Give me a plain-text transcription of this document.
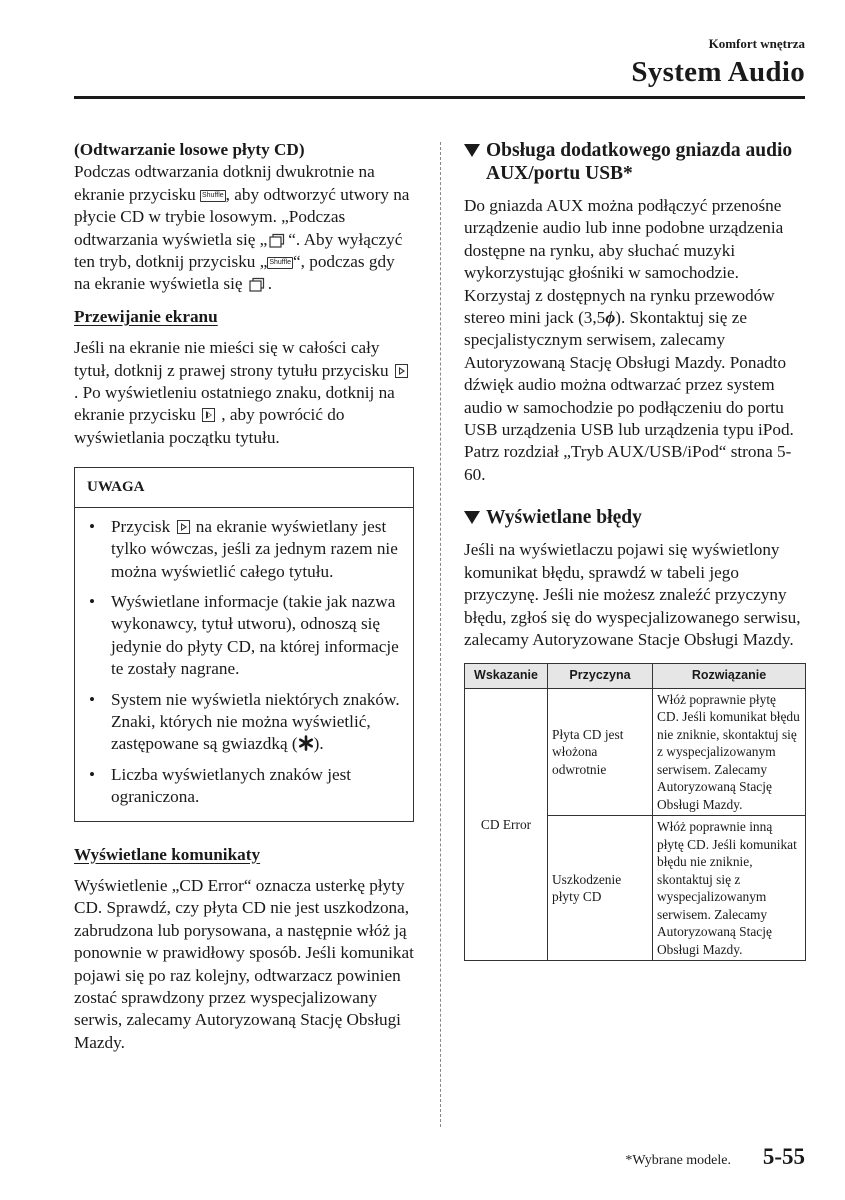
Komfort wnętrza
System Audio

(Odtwarzanie losowe płyty CD)

Podczas odtwarzania dotknij dwukrotnie na ekranie przycisku Shuffle , aby odtworzyć utwory na płycie CD w trybie losowym. „Podczas odtwarzania wyświetla się „ “. Aby wyłączyć ten tryb, dotknij przycisku „ Shuffle “, podczas gdy na ekranie wyświetla się .

Przewijanie ekranu

Jeśli na ekranie nie mieści się w całości cały tytuł, dotknij z prawej strony tytułu przycisku . Po wyświetleniu ostatniego znaku, dotknij na ekranie przycisku  , aby powrócić do wyświetlania początku tytułu.

UWAGA
• Przycisk  na ekranie wyświetlany jest tylko wówczas, jeśli za jednym razem nie można wyświetlić całego tytułu.
• Wyświetlane informacje (takie jak nazwa wykonawcy, tytuł utworu), odnoszą się jedynie do płyty CD, na której informacje te zostały nagrane.
• System nie wyświetla niektórych znaków. Znaki, których nie można wyświetlić, zastępowane są gwiazdką ( ).
• Liczba wyświetlanych znaków jest ograniczona.

Wyświetlane komunikaty

Wyświetlenie „CD Error“ oznacza usterkę płyty CD. Sprawdź, czy płyta CD nie jest uszkodzona, zabrudzona lub porysowana, a następnie włóż ją ponownie w prawidłowy sposób. Jeśli komunikat pojawi się po raz kolejny, odtwarzacz powinien zostać sprawdzony przez wyspecjalizowany serwis, zalecamy Autoryzowaną Stację Obsługi Mazdy.

Obsługa dodatkowego gniazda audio AUX/portu USB*

Do gniazda AUX można podłączyć przenośne urządzenie audio lub inne podobne urządzenia dostępne na rynku, aby słuchać muzyki wykorzystując głośniki w samochodzie.

Korzystaj z dostępnych na rynku przewodów stereo mini jack (3,5ϕ). Skontaktuj się ze specjalistycznym serwisem, zalecamy Autoryzowaną Stację Obsługi Mazdy. Ponadto dźwięk audio można odtwarzać przez system audio w samochodzie po podłączeniu do portu USB urządzenia USB lub urządzenia typu iPod.

Patrz rozdział „Tryb AUX/USB/iPod“ strona 5-60.

Wyświetlane błędy

Jeśli na wyświetlaczu pojawi się wyświetlony komunikat błędu, sprawdź w tabeli jego przyczynę. Jeśli nie możesz znaleźć przyczyny błędu, zgłoś się do wyspecjalizowanego serwisu, zalecamy Autoryzowane Stacje Obsługi Mazdy.

Wskazanie	Przyczyna	Rozwiązanie
CD Error	Płyta CD jest włożona odwrotnie	Włóż poprawnie płytę CD. Jeśli komunikat błędu nie zniknie, skontaktuj się z wyspecjalizowanym serwisem. Zalecamy Autoryzowaną Stację Obsługi Mazdy.
	Uszkodzenie płyty CD	Włóż poprawnie inną płytę CD. Jeśli komunikat błędu nie zniknie, skontaktuj się z wyspecjalizowanym serwisem. Zalecamy Autoryzowaną Stację Obsługi Mazdy.
*Wybrane modele. 5-55
